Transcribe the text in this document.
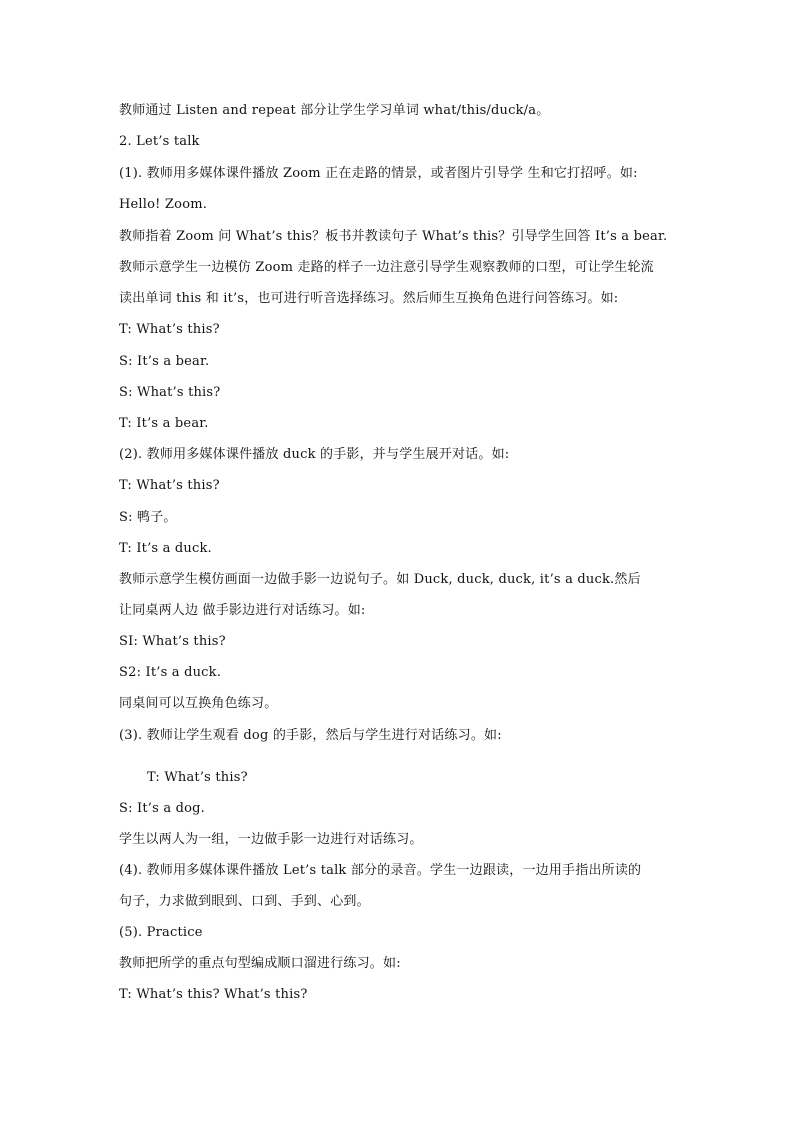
教师通过 Listen and repeat 部分让学生学习单词 what/this/duck/a。
2. Let’s talk
(1). 教师用多媒体课件播放 Zoom 正在走路的情景，或者图片引导学 生和它打招呼。如:
Hello! Zoom.
教师指着 Zoom 问 What’s this？板书并教读句子 What’s this？引导学生回答 It’s a bear.
教师示意学生一边模仿 Zoom 走路的样子一边注意引导学生观察教师的口型，可让学生轮流
读出单词 this 和 it’s，也可进行听音选择练习。然后师生互换角色进行问答练习。如:
T: What’s this?
S: It’s a bear.
S: What’s this?
T: It’s a bear.
(2). 教师用多媒体课件播放 duck 的手影，并与学生展开对话。如:
T: What’s this?
S: 鸭子。
T: It’s a duck.
教师示意学生模仿画面一边做手影一边说句子。如 Duck, duck, duck, it’s a duck.然后
让同桌两人边 做手影边进行对话练习。如:
SI: What’s this?
S2: It’s a duck.
同桌间可以互换角色练习。
(3). 教师让学生观看 dog 的手影，然后与学生进行对话练习。如:
T: What’s this?
S: It’s a dog.
学生以两人为一组，一边做手影一边进行对话练习。
(4). 教师用多媒体课件播放 Let’s talk 部分的录音。学生一边跟读，一边用手指出所读的
句子，力求做到眼到、口到、手到、心到。
(5). Practice
教师把所学的重点句型编成顺口溜进行练习。如:
T: What’s this? What’s this?
